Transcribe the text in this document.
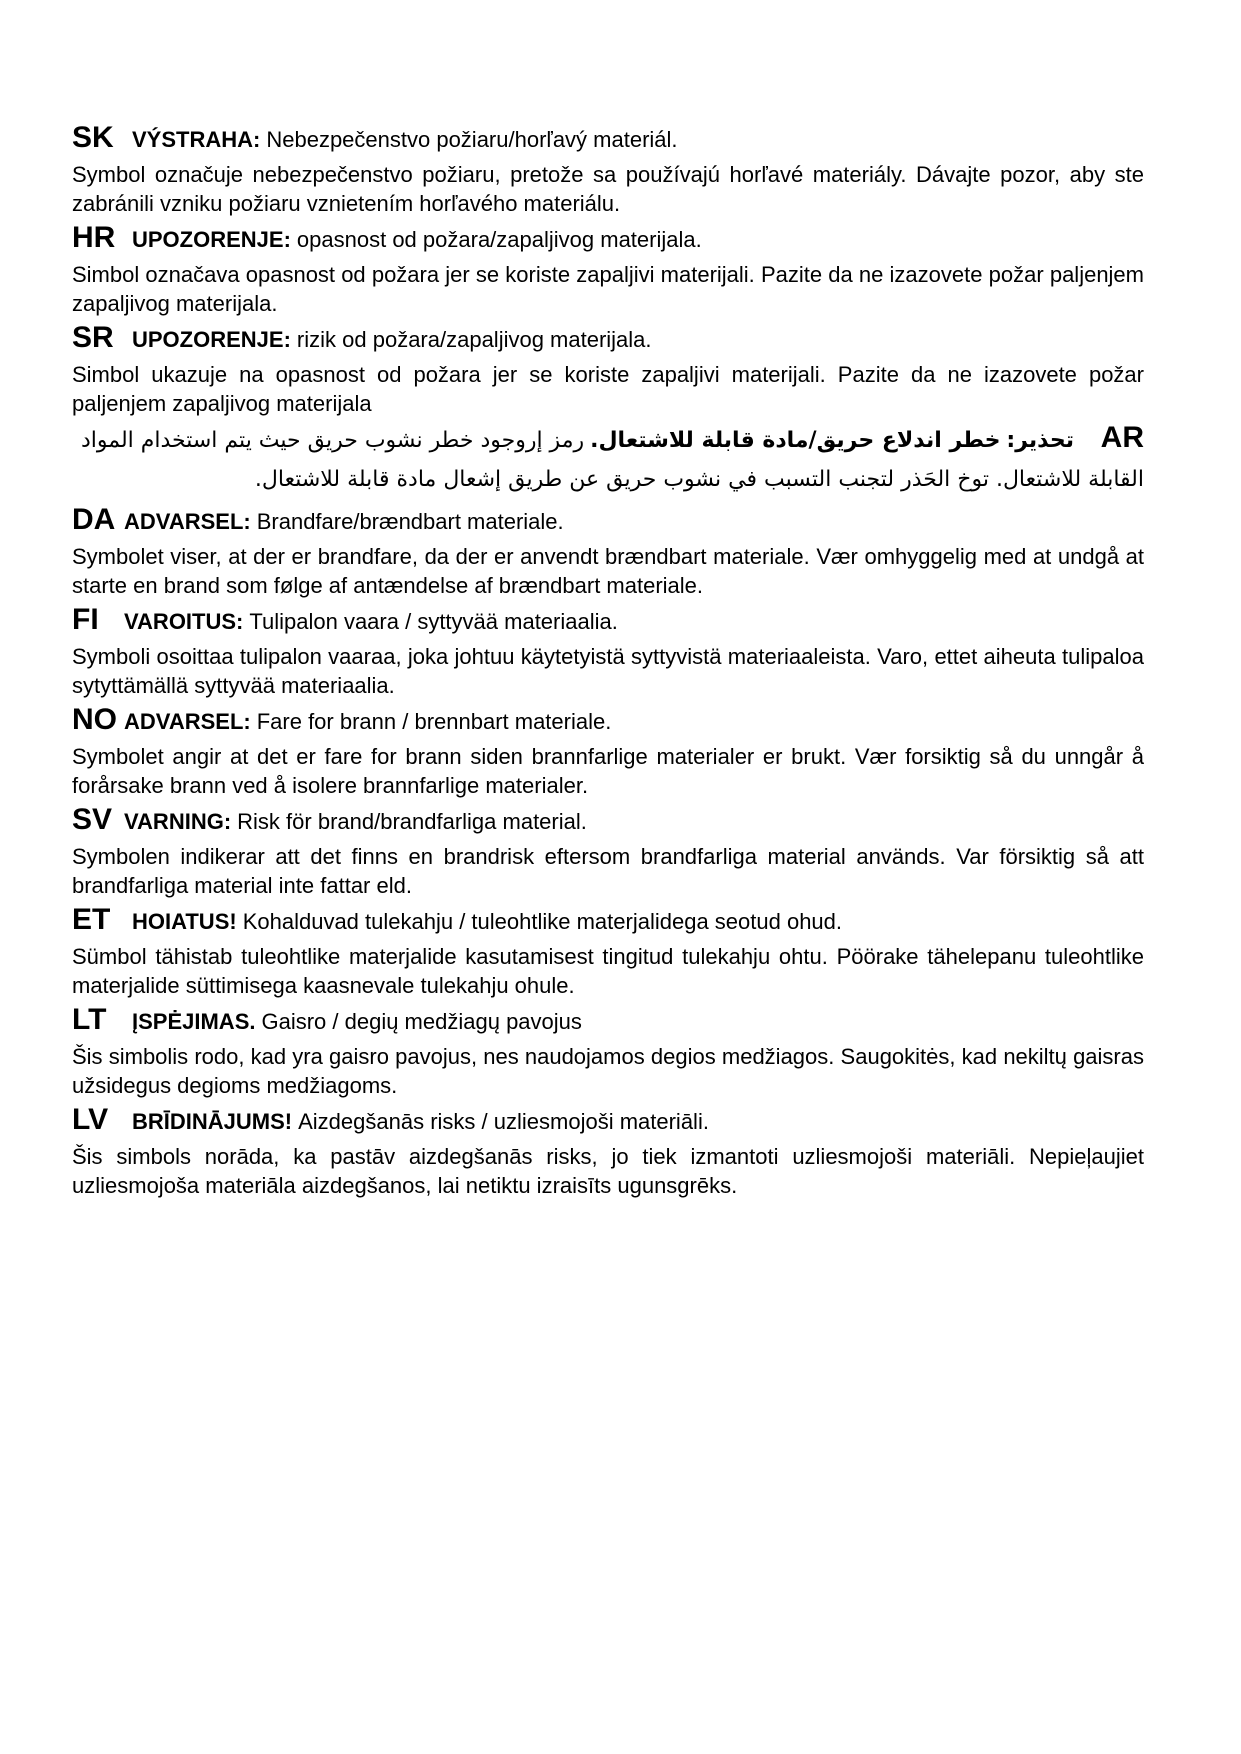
SK VÝSTRAHA: Nebezpečenstvo požiaru/horľavý materiál.

Symbol označuje nebezpečenstvo požiaru, pretože sa používajú horľavé materiály. Dávajte pozor, aby ste zabránili vzniku požiaru vznietením horľavého materiálu.

HR UPOZORENJE: opasnost od požara/zapaljivog materijala.

Simbol označava opasnost od požara jer se koriste zapaljivi materijali. Pazite da ne izazovete požar paljenjem zapaljivog materijala.

SR UPOZORENJE: rizik od požara/zapaljivog materijala.

Simbol ukazuje na opasnost od požara jer se koriste zapaljivi materijali. Pazite da ne izazovete požar paljenjem zapaljivog materijala

AR
تحذير:
خطر اندلاع حريق/مادة قابلة للاشتعال.
رمز إروجود خطر نشوب حريق حيث يتم استخدام المواد
القابلة للاشتعال. توخ الحَذر لتجنب التسبب في نشوب حريق عن طريق إشعال مادة قابلة للاشتعال.
DA ADVARSEL: Brandfare/brændbart materiale.

Symbolet viser, at der er brandfare, da der er anvendt brændbart materiale. Vær omhyggelig med at undgå at starte en brand som følge af antændelse af brændbart materiale.

FI	VAROITUS: Tulipalon vaara / syttyvää materiaalia.

Symboli osoittaa tulipalon vaaraa, joka johtuu käytetyistä syttyvistä materiaaleista. Varo, ettet aiheuta tulipaloa sytyttämällä syttyvää materiaalia.

NO ADVARSEL: Fare for brann / brennbart materiale.

Symbolet angir at det er fare for brann siden brannfarlige materialer er brukt. Vær forsiktig så du unngår å forårsake brann ved å isolere brannfarlige materialer.

SV VARNING: Risk för brand/brandfarliga material.

Symbolen indikerar att det finns en brandrisk eftersom brandfarliga material används. Var försiktig så att brandfarliga material inte fattar eld.

ET HOIATUS! Kohalduvad tulekahju / tuleohtlike materjalidega seotud ohud.

Sümbol tähistab tuleohtlike materjalide kasutamisest tingitud tulekahju ohtu. Pöörake tähelepanu tuleohtlike materjalide süttimisega kaasnevale tulekahju ohule.

LT	ĮSPĖJIMAS. Gaisro / degių medžiagų pavojus

Šis simbolis rodo, kad yra gaisro pavojus, nes naudojamos degios medžiagos. Saugokitės, kad nekiltų gaisras užsidegus degioms medžiagoms.

LV	BRĪDINĀJUMS! Aizdegšanās risks / uzliesmojoši materiāli.

Šis simbols norāda, ka pastāv aizdegšanās risks, jo tiek izmantoti uzliesmojoši materiāli. Nepieļaujiet uzliesmojoša materiāla aizdegšanos, lai netiktu izraisīts ugunsgrēks.
